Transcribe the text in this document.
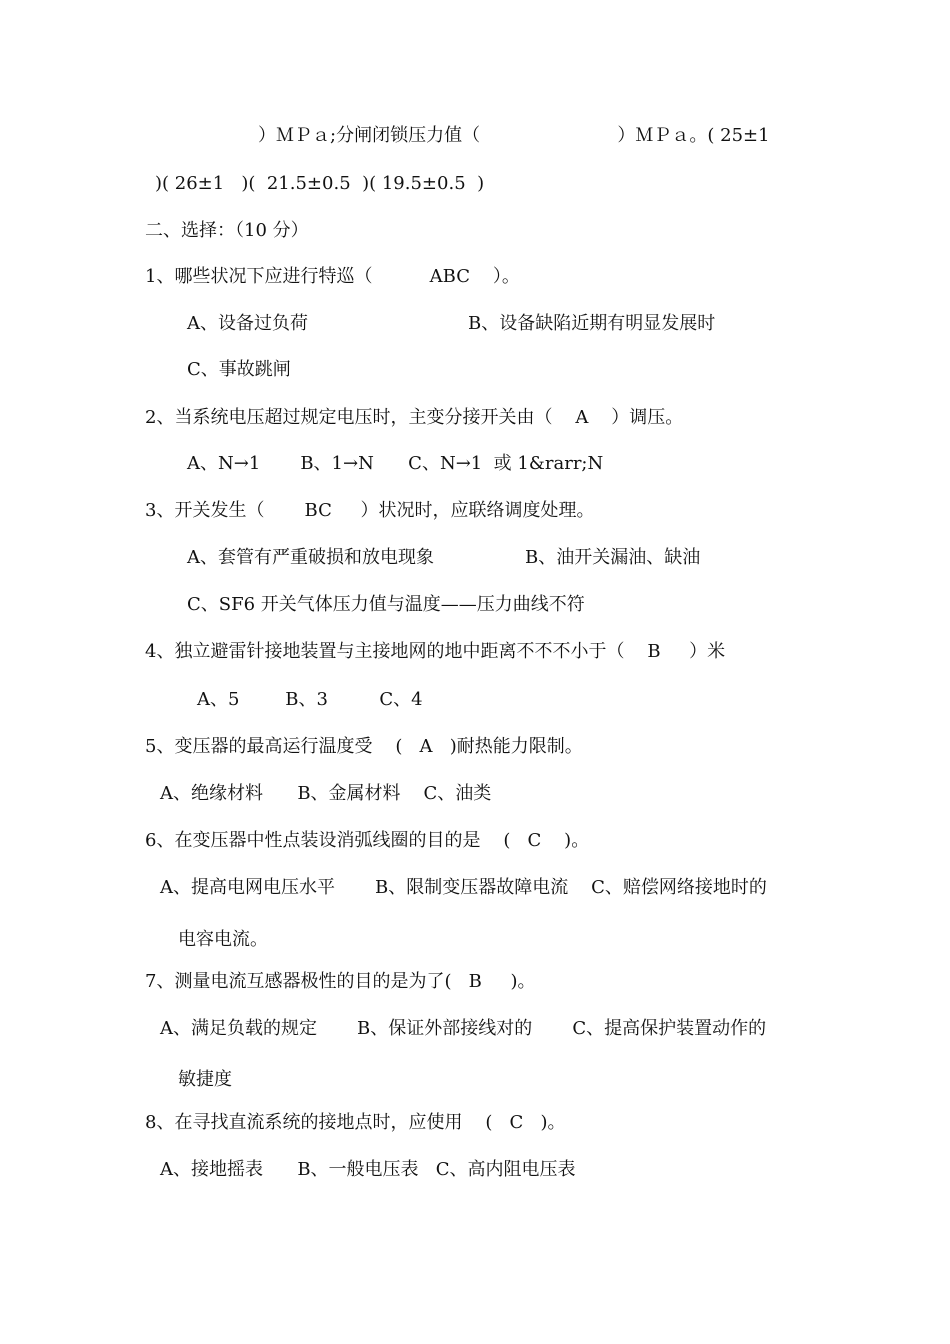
）ＭＰａ;分闸闭锁压力值（                        ）ＭＰａ。( 25±1
)( 26±1   )(  21.5±0.5  )( 19.5±0.5  )
二、选择：（10 分）
1、哪些状况下应进行特巡（          ABC    ）。
A、设备过负荷	B、设备缺陷近期有明显发展时
C、事故跳闸
2、当系统电压超过规定电压时，主变分接开关由（    A    ）调压。
A、N→1       B、1→N      C、N→1  或 1&rarr;N
3、开关发生（       BC     ）状况时，应联络调度处理。
A、套管有严重破损和放电现象	B、油开关漏油、缺油
C、SF6 开关气体压力值与温度——压力曲线不符
4、独立避雷针接地装置与主接地网的地中距离不不不小于（    B     ）米
A、5        B、3         C、4
5、变压器的最高运行温度受    (   A   )耐热能力限制。
A、绝缘材料      B、金属材料    C、油类
6、在变压器中性点装设消弧线圈的目的是    (   C    )。
A、提高电网电压水平       B、限制变压器故障电流    C、赔偿网络接地时的
电容电流。
7、测量电流互感器极性的目的是为了(   B     )。
A、满足负载的规定       B、保证外部接线对的       C、提高保护装置动作的
敏捷度
8、在寻找直流系统的接地点时，应使用    (   C   )。
A、接地摇表      B、一般电压表   C、高内阻电压表
